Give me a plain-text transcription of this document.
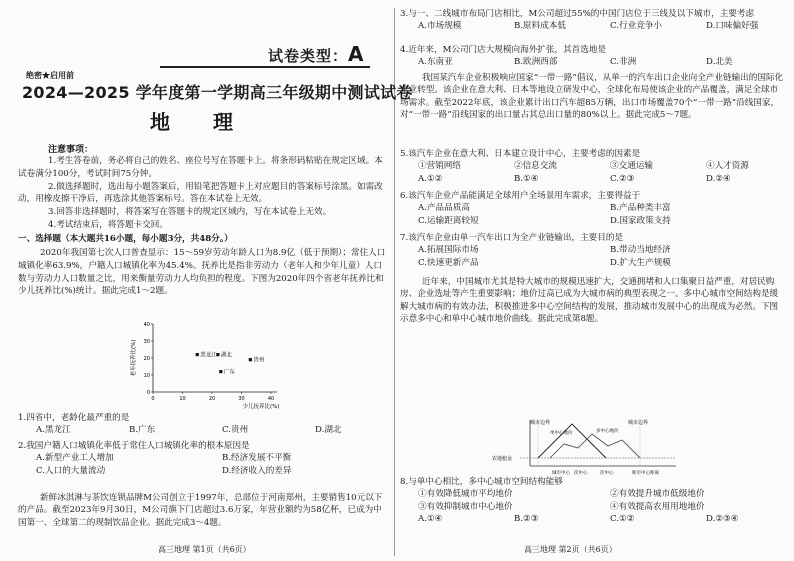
试卷类型：A
绝密★启用前
2024—2025 学年度第一学期高三年级期中测试试卷
地 理
注意事项：

1.考生答卷前，务必将自己的姓名、座位号写在答题卡上。将条形码粘贴在规定区域。本试卷满分100分，考试时间75分钟。

2.做选择题时，选出每小题答案后，用铅笔把答题卡上对应题目的答案标号涂黑。如需改动，用橡皮擦干净后，再选涂其他答案标号。答在本试卷上无效。

3.回答非选择题时，将答案写在答题卡的规定区域内，写在本试卷上无效。

4.考试结束后，将答题卡交回。

一、选择题（本大题共16小题，每小题3分，共48分。）

2020年我国第七次人口普查显示：15～59岁劳动年龄人口为8.9亿（低于预期）；常住人口城镇化率63.9%，户籍人口城镇化率为45.4%。抚养比是指非劳动力（老年人和少年儿童）人口数与劳动力人口数量之比，用来衡量劳动力人均负担的程度。下图为2020年四个省老年抚养比和少儿抚养比(%)统计。据此完成1～2题。

1.四省中，老龄化最严重的是
A.黑龙江	B.广东	C.贵州	D.湖北
2.我国户籍人口城镇化率低于常住人口城镇化率的根本原因是
A.新型产业工人增加	B.经济发展不平衡
C.人口的大量流动	D.经济收入的差异

新鲜冰淇淋与茶饮连锁品牌M公司创立于1997年，总部位于河南郑州，主要销售10元以下的产品。截至2023年9月30日，M公司旗下门店超过3.6万家，年营业额约为58亿杯，已成为中国第一、全球第二的现制饮品企业。据此完成3～4题。

高三地理 第1页（共6页）
0	10	20	30	40
0
10
20
30
40
黑龙江 湖北
贵州
广东
少儿抚养比(%)
老年抚养比(%)
3.与一、二线城市布局门店相比，M公司超过55%的中国门店位于三线及以下城市，主要考虑
A.市场规模	B.原料成本低	C.行业竞争小	D.口味偏好强
4.近年来，M公司门店大规模向海外扩张，其首选地是
A.东南亚	B.欧洲西部	C.非洲	D.北美

我国某汽车企业积极响应国家“一带一路”倡议，从单一的汽车出口企业向全产业链输出的国际化企业转型。该企业在意大利、日本等地设立研发中心，全球化布局使该企业的产品覆盖，满足全球市场需求。截至2022年底，该企业累计出口汽车超85万辆，出口市场覆盖70个“一带一路”沿线国家，对“一带一路”沿线国家的出口量占其总出口量的80%以上。据此完成5～7题。

5.该汽车企业在意大利、日本建立设计中心，主要考虑的因素是
①营销网络	②信息交流	③交通运输	④人才资源
A.①②	B.①④	C.②③	D.②④
6.该汽车企业产品能满足全球用户全场景用车需求，主要得益于
A.产品品质高	B.产品种类丰富
C.运输距离较短	D.国家政策支持
7.该汽车企业由单一汽车出口为全产业链输出，主要目的是
A.拓展国际市场	B.带动当地经济
C.快速更新产品	D.扩大生产规模

近年来，中国城市尤其是特大城市的规模迅速扩大，交通拥堵和人口集聚日益严重，对居民购房、企业选址等产生重要影响；地价过高已成为大城市病的典型表现之一。多中心城市空间结构是缓解大城市病的有效办法，积极推进多中心空间结构的发展，推动城市发展中心的出现成为必然。下图示意多中心和单中心城市地价曲线。据此完成第8题。

8.与单中心相比，多中心城市空间结构能够
①有效降低城市平均地价	②有效提升城市低级地价
③有效抑制城市中心地价	④有效提高农用用地地价
A.①④	B.②③	C.①②	D.②③④
高三地理 第2页（共6页）
城市边界	城市边界
单中心地价	多中心地价
农地租金
城市中心 次中心	次中心	距市中心距离
